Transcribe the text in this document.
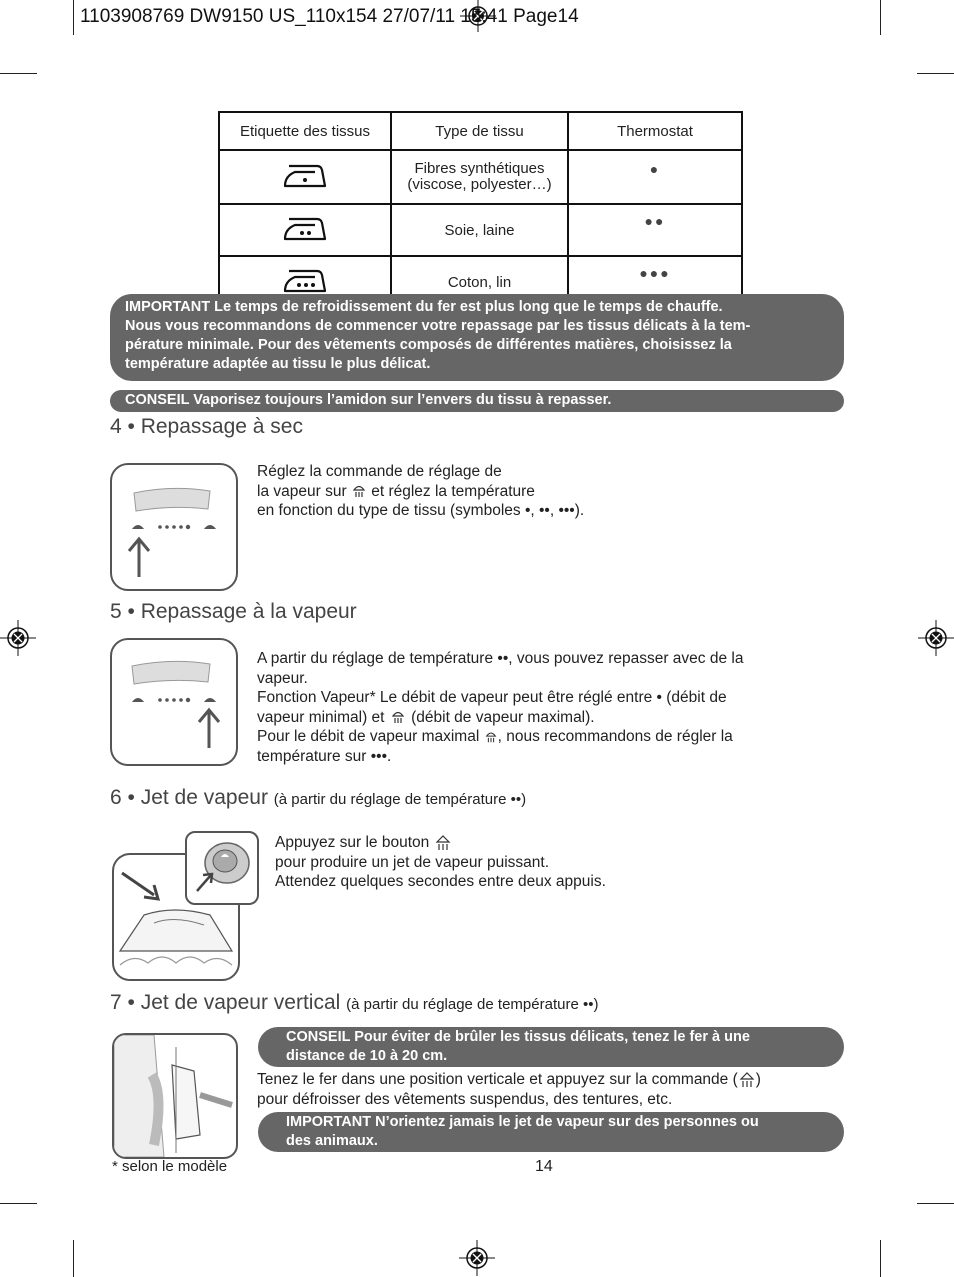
1103908769 DW9150 US_110x154 27/07/11 15:41 Page14
Etiquette des tissus	Type de tissu	Thermostat

Fibres synthétiques
(viscose, polyester…)	●

Soie, laine	●●

Coton, lin	●●●
IMPORTANT Le temps de refroidissement du fer est plus long que le temps de chauffe.
Nous vous recommandons de commencer votre repassage par les tissus délicats à la tem-
pérature minimale. Pour des vêtements composés de différentes matières, choisissez la
température adaptée au tissu le plus délicat.
CONSEIL Vaporisez toujours l’amidon sur l’envers du tissu à repasser.
4 • Repassage à sec
Réglez la commande de réglage de
la vapeur sur  et réglez la température
en fonction du type de tissu (symboles •, ••, •••).
5 • Repassage à la vapeur
A partir du réglage de température ••, vous pouvez repasser avec de la
vapeur.
Fonction Vapeur* Le débit de vapeur peut être réglé entre • (débit de
vapeur minimal) et  (débit de vapeur maximal).
Pour le débit de vapeur maximal , nous recommandons de régler la
température sur •••.
6 • Jet de vapeur (à partir du réglage de température ••)
Appuyez sur le bouton
pour produire un jet de vapeur puissant.
Attendez quelques secondes entre deux appuis.
7 • Jet de vapeur vertical (à partir du réglage de température ••)
CONSEIL Pour éviter de brûler les tissus délicats, tenez le fer à une
distance de 10 à 20 cm.
Tenez le fer dans une position verticale et appuyez sur la commande ( )
pour défroisser des vêtements suspendus, des tentures, etc.
IMPORTANT N’orientez jamais le jet de vapeur sur des personnes ou
des animaux.
* selon le modèle	14
